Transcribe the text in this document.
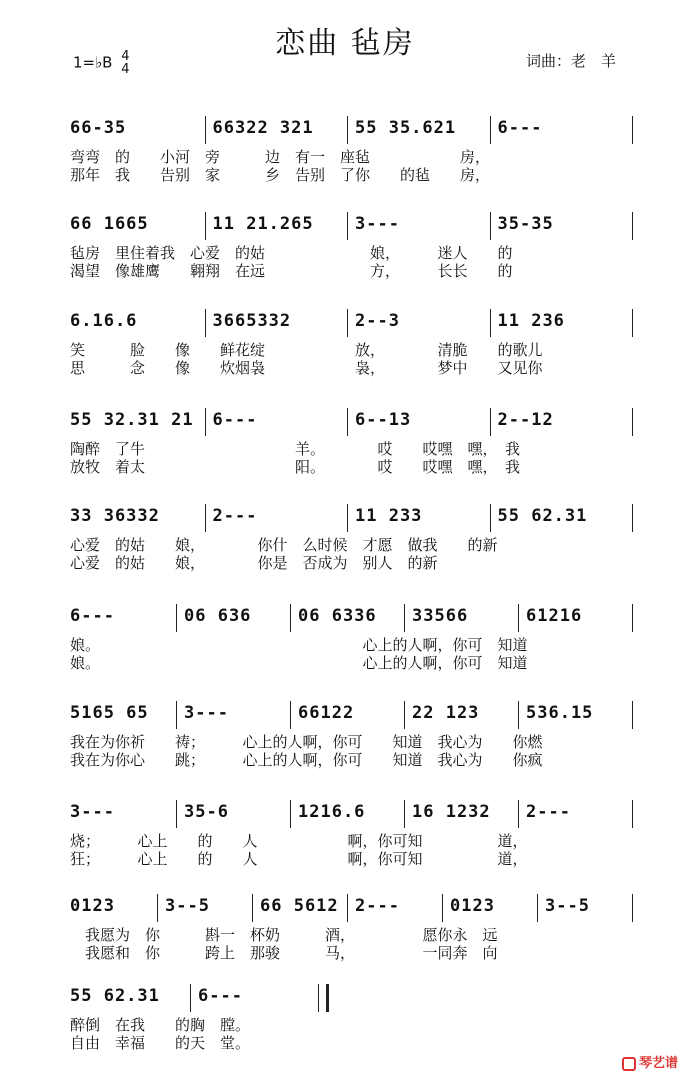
恋曲 毡房
1=♭B 4
4	词曲：老　羊
66-35	66322 321 55 35.621 6---
弯弯　的　　小河　旁　　　边　有一　座毡　　　　　　房，
那年　我　　告别　家　　　乡　告别　了你　　的毡　　房，
66 1665	11 21.265 3---	35-35
毡房　里住着我　心爱　的姑　　　　　　　娘，　　　迷人　　的
渴望　像雄鹰　　翱翔　在远　　　　　　　方，　　　长长　　的
6.16.6	3665332	2--3	11 236
笑　　　脸　　像　　鲜花绽　　　　　　放，　　　　清脆　　的歌儿
思　　　念　　像　　炊烟袅　　　　　　袅，　　　　梦中　　又见你
55 32.31 21 6---	6--13	2--12
陶醉　了牛　　　　　　　　　　羊。　　　　哎　　哎嘿　嘿，　我
放牧　着太　　　　　　　　　　阳。　　　　哎　　哎嘿　嘿，　我
33 36332	2---	11 233	55 62.31
心爱　的姑　　娘，　　　　你什　么时候　才愿　做我　　的新
心爱　的姑　　娘，　　　　你是　否成为　别人　的新
6---	06 636	06 6336 33566	61216
娘。　　　　　　　　　　　　　　　　　　心上的人啊，你可　知道
娘。　　　　　　　　　　　　　　　　　　心上的人啊，你可　知道
5165 65 3---	66122	22 123	536.15
我在为你祈　　祷；　　　心上的人啊，你可　　知道　我心为　　你燃
我在为你心　　跳；　　　心上的人啊，你可　　知道　我心为　　你疯
3---	35-6	1216.6	16 1232 2---
烧；　　　心上　　的　　人　　　　　　啊，你可知　　　　　道，
狂；　　　心上　　的　　人　　　　　　啊，你可知　　　　　道，
0123	3--5	66 5612 2---	0123	3--5
　我愿为　你　　　斟一　杯奶　　　酒，　　　　　愿你永　远
　我愿和　你　　　跨上　那骏　　　马，　　　　　一同奔　向
55 62.31 6---
醉倒　在我　　的胸　膛。
自由　幸福　　的天　堂。
琴艺谱
